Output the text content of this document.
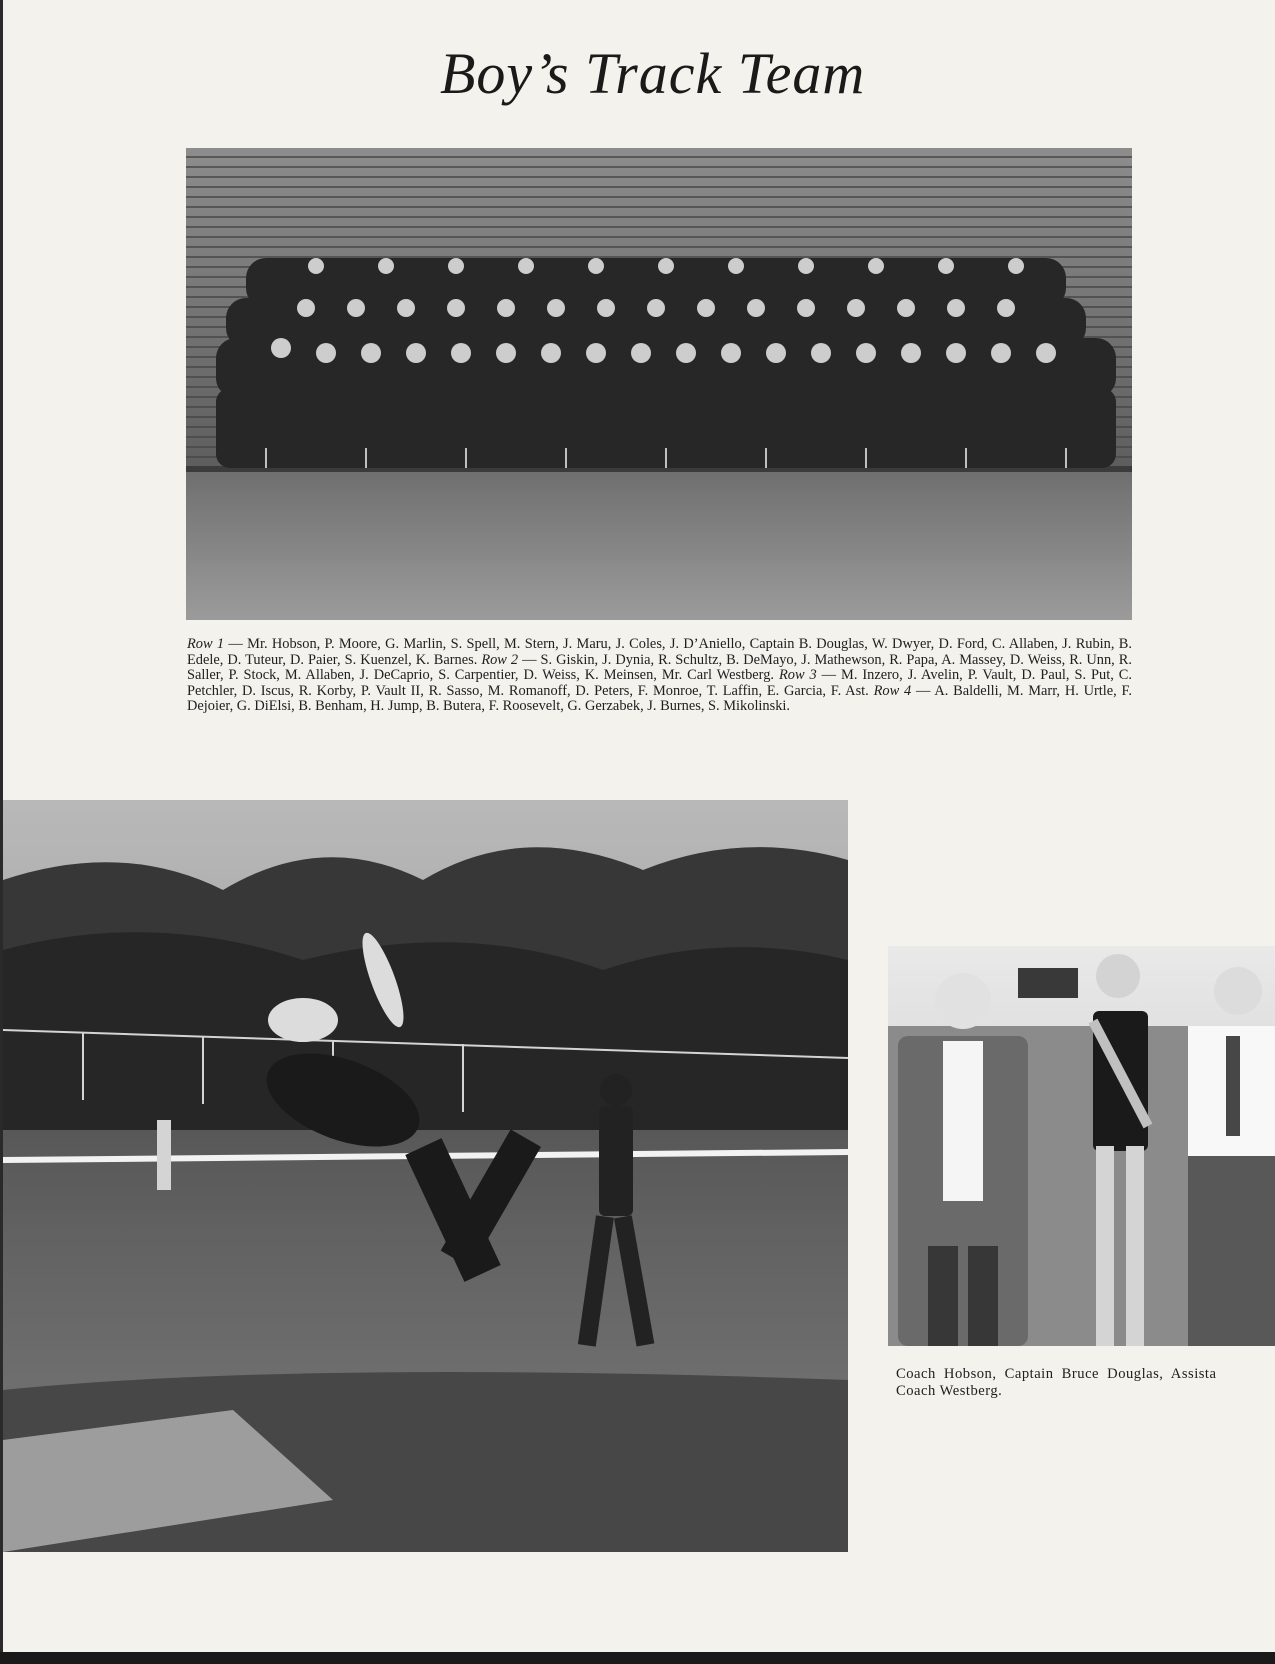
Boy’s Track Team
Row 1 — Mr. Hobson, P. Moore, G. Marlin, S. Spell, M. Stern, J. Maru, J. Coles, J. D’Aniello, Captain B. Douglas, W. Dwyer, D. Ford, C. Allaben, J. Rubin, B. Edele, D. Tuteur, D. Paier, S. Kuenzel, K. Barnes. Row 2 — S. Giskin, J. Dynia, R. Schultz, B. DeMayo, J. Mathewson, R. Papa, A. Massey, D. Weiss, R. Unn, R. Saller, P. Stock, M. Allaben, J. DeCaprio, S. Carpentier, D. Weiss, K. Meinsen, Mr. Carl Westberg. Row 3 — M. Inzero, J. Avelin, P. Vault, D. Paul, S. Put, C. Petchler, D. Iscus, R. Korby, P. Vault II, R. Sasso, M. Romanoff, D. Peters, F. Monroe, T. Laffin, E. Garcia, F. Ast. Row 4 — A. Baldelli, M. Marr, H. Urtle, F. Dejoier, G. DiElsi, B. Benham, H. Jump, B. Butera, F. Roosevelt, G. Gerzabek, J. Burnes, S. Mikolinski.
Coach Hobson, Captain Bruce Douglas, Assista
Coach Westberg.
